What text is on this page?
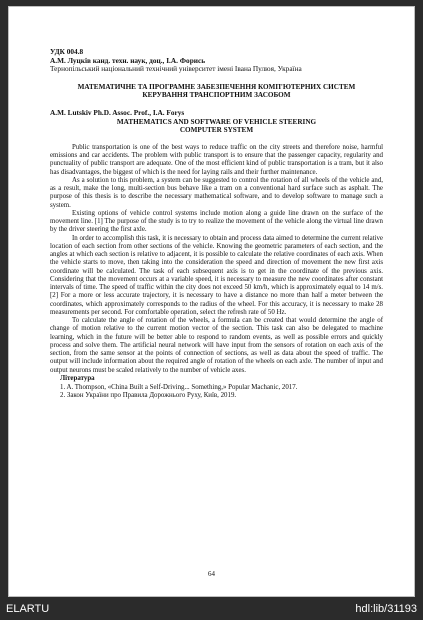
УДК 004.8
А.М. Луцків канд. техн. наук, доц., І.А. Форись
Тернопільський національний технічний університет імені Івана Пулюя, Україна
МАТЕМАТИЧНЕ ТА ПРОГРАМНЕ ЗАБЕЗПЕЧЕННЯ КОМП'ЮТЕРНИХ СИСТЕМ КЕРУВАННЯ ТРАНСПОРТНИМ ЗАСОБОМ
A.M. Lutskiv Ph.D. Assoc. Prof., I.A. Forys
MATHEMATICS AND SOFTWARE OF VEHICLE STEERING COMPUTER SYSTEM

Public transportation is one of the best ways to reduce traffic on the city streets and therefore noise, harmful emissions and car accidents. The problem with public transport is to ensure that the passenger capacity, regularity and punctuality of public transport are adequate. One of the most efficient kind of public transportation is a tram, but it also has disadvantages, the biggest of which is the need for laying rails and their further maintenance.

As a solution to this problem, a system can be suggested to control the rotation of all wheels of the vehicle and, as a result, make the long, multi-section bus behave like a tram on a conventional hard surface such as asphalt. The purpose of this thesis is to describe the necessary mathematical software, and to develop software to manage such a system.

Existing options of vehicle control systems include motion along a guide line drawn on the surface of the movement line. [1] The purpose of the study is to try to realize the movement of the vehicle along the virtual line drawn by the driver steering the first axle.

In order to accomplish this task, it is necessary to obtain and process data aimed to determine the current relative location of each section from other sections of the vehicle. Knowing the geometric parameters of each section, and the angles at which each section is relative to adjacent, it is possible to calculate the relative coordinates of each axis. When the vehicle starts to move, then taking into the consideration the speed and direction of movement the new first axis coordinate will be calculated. The task of each subsequent axis is to get in the coordinate of the previous axis. Considering that the movement occurs at a variable speed, it is necessary to measure the new coordinates after constant intervals of time. The speed of traffic within the city does not exceed 50 km/h, which is approximately equal to 14 m/s. [2] For a more or less accurate trajectory, it is necessary to have a distance no more than half a meter between the coordinates, which approximately corresponds to the radius of the wheel. For this accuracy, it is necessary to make 28 measurements per second. For comfortable operation, select the refresh rate of 50 Hz.

To calculate the angle of rotation of the wheels, a formula can be created that would determine the angle of change of motion relative to the current motion vector of the section. This task can also be delegated to machine learning, which in the future will be better able to respond to random events, as well as possible errors and quickly process and solve them. The artificial neural network will have input from the sensors of rotation on each axis of the section, from the same sensor at the points of connection of sections, as well as data about the speed of traffic. The output will include information about the required angle of rotation of the wheels on each axle. The number of input and output neurons must be scaled relatively to the number of vehicle axes.

Література
1. A. Thompson, «China Built a Self-Driving... Something,» Popular Machanic, 2017.
2. Закон України про Правила Дорожнього Руху, Київ, 2019.
64
ELARTU	hdl:lib/31193
